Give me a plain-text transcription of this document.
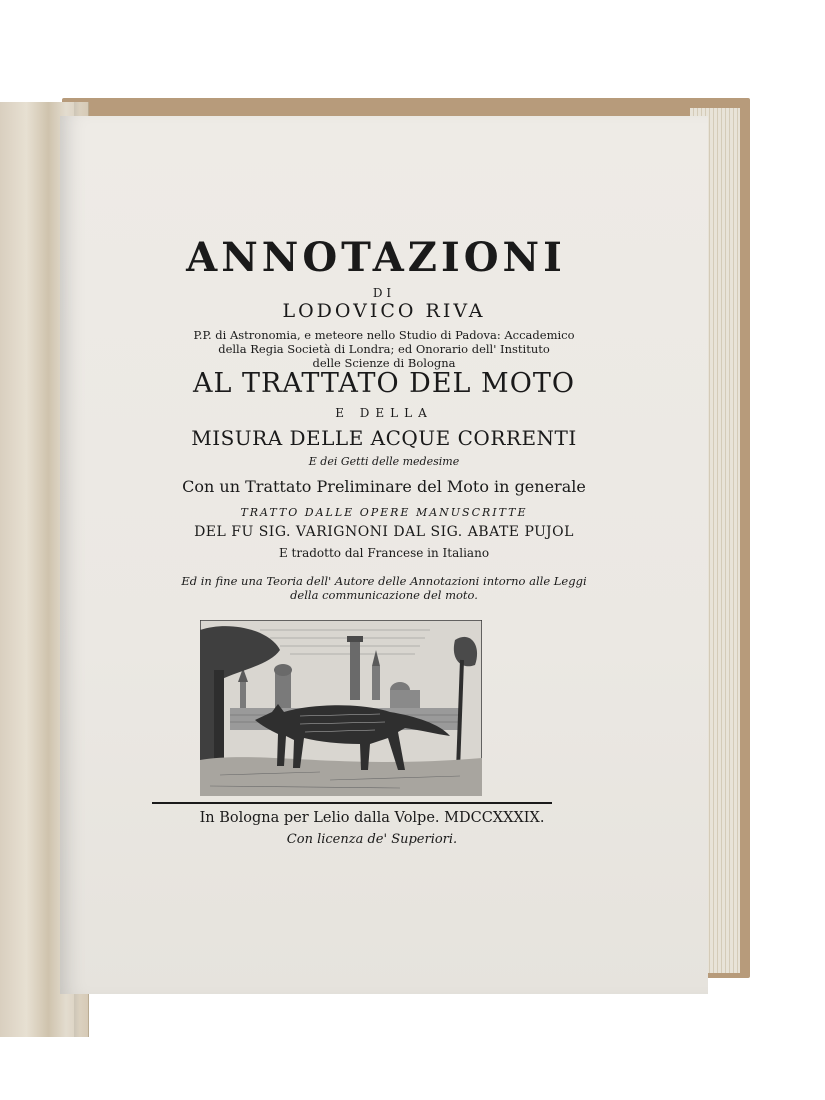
ANNOTAZIONI
DI
LODOVICO RIVA
P.P. di Astronomia, e meteore nello Studio di Padova: Accademico
della Regia Società di Londra; ed Onorario dell' Instituto
delle Scienze di Bologna
AL TRATTATO DEL MOTO
E DELLA
MISURA DELLE ACQUE CORRENTI
E dei Getti delle medesime
Con un Trattato Preliminare del Moto in generale
TRATTO DALLE OPERE MANUSCRITTE
DEL FU SIG. VARIGNONI DAL SIG. ABATE PUJOL
E tradotto dal Francese in Italiano
Ed in fine una Teoria dell' Autore delle Annotazioni intorno alle Leggi
della communicazione del moto.
In Bologna per Lelio dalla Volpe. MDCCXXXIX.
Con licenza de' Superiori.
